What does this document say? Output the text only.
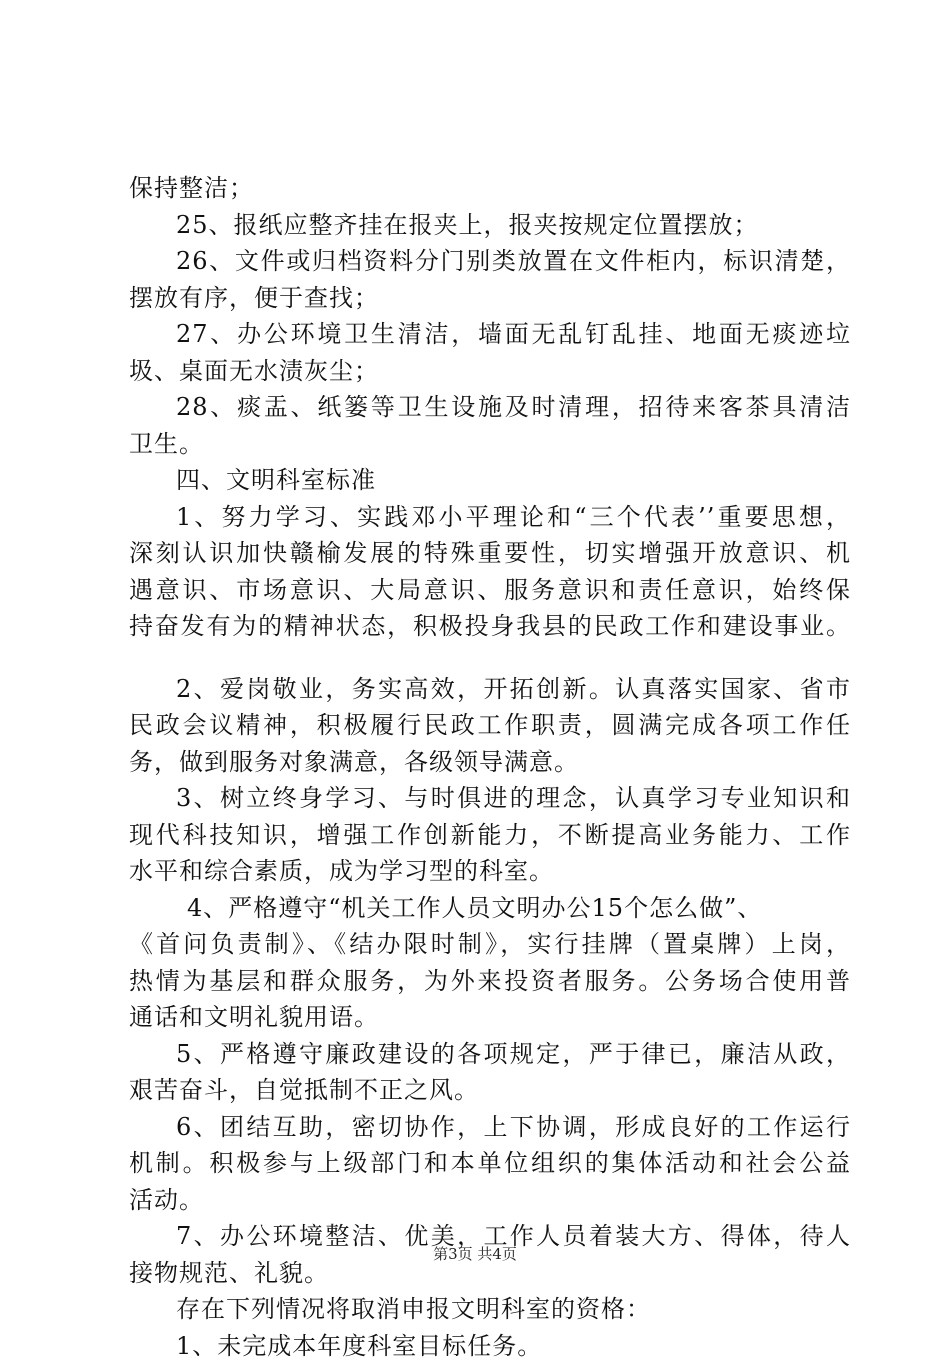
保持整洁；
25、报纸应整齐挂在报夹上，报夹按规定位置摆放；
26、文件或归档资料分门别类放置在文件柜内，标识清楚，
摆放有序，便于查找；
27、办公环境卫生清洁，墙面无乱钉乱挂、地面无痰迹垃
圾、桌面无水渍灰尘；
28、痰盂、纸篓等卫生设施及时清理，招待来客茶具清洁
卫生。
四、文明科室标准
1、努力学习、实践邓小平理论和“三个代表’’重要思想，
深刻认识加快赣榆发展的特殊重要性，切实增强开放意识、机
遇意识、市场意识、大局意识、服务意识和责任意识，始终保
持奋发有为的精神状态，积极投身我县的民政工作和建设事业。
2、爱岗敬业，务实高效，开拓创新。认真落实国家、省市
民政会议精神，积极履行民政工作职责，圆满完成各项工作任
务，做到服务对象满意，各级领导满意。
3、树立终身学习、与时俱进的理念，认真学习专业知识和
现代科技知识，增强工作创新能力，不断提高业务能力、工作
水平和综合素质，成为学习型的科室。
4、严格遵守“机关工作人员文明办公15个怎么做”、
《首问负责制》、《结办限时制》，实行挂牌（置桌牌）上岗，
热情为基层和群众服务，为外来投资者服务。公务场合使用普
通话和文明礼貌用语。
5、严格遵守廉政建设的各项规定，严于律已，廉洁从政，
艰苦奋斗，自觉抵制不正之风。
6、团结互助，密切协作，上下协调，形成良好的工作运行
机制。积极参与上级部门和本单位组织的集体活动和社会公益
活动。
7、办公环境整洁、优美，工作人员着装大方、得体，待人
接物规范、礼貌。
存在下列情况将取消申报文明科室的资格：
1、未完成本年度科室目标任务。
第3页 共4页
